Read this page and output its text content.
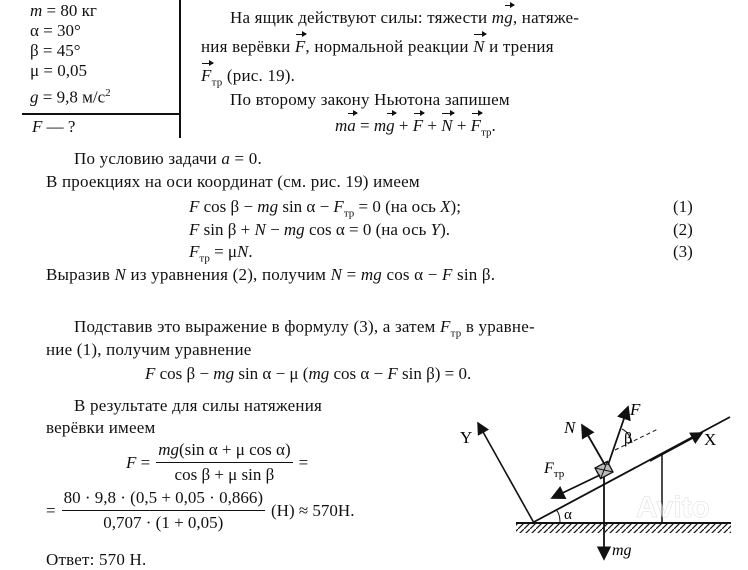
m = 80 кг
α = 30°
β = 45°
μ = 0,05
g = 9,8 $м/с^2$
F — ?
На ящик действуют силы: тяжести mg, натяже-
ния верёвки F, нормальной реакции N и трения
$F_{тр}$ (рис. 19).
По второму закону Ньютона запишем
ma = mg + $F + N + F_{тр}$.
По условию задачи a = 0.
В проекциях на оси координат (см. рис. 19) имеем
F cos β − mg $\sin \alpha - F_{тр} = 0$ (на ось X);	(1)
F sin β + N − mg cos α = 0 (на ось Y).	(2)
$F_{тр} = \mu N$.	(3)
Выразив N из уравнения (2), получим N = mg cos α − F sin β.
Подставив это выражение в формулу (3), а затем $F_{тр}$ в уравне-
ние (1), получим уравнение
F cos β − mg sin α − μ (mg cos α − F sin β) = 0.
В результате для силы натяжения
верёвки имеем
$F = \frac{\text{mg(sin α + μ cos α)}}{\text{cos β + μ sin β}}$ =
= $\frac{80 \cdot 9,8 \cdot (0,5 + 0,05 \cdot 0,866)}{0,707 \cdot (1 + 0,05)} (Н) \approx 570Н$.
Ответ: 570 Н.
Y	X
N
F
β
$F_{тр}$
α
mg
Avito
